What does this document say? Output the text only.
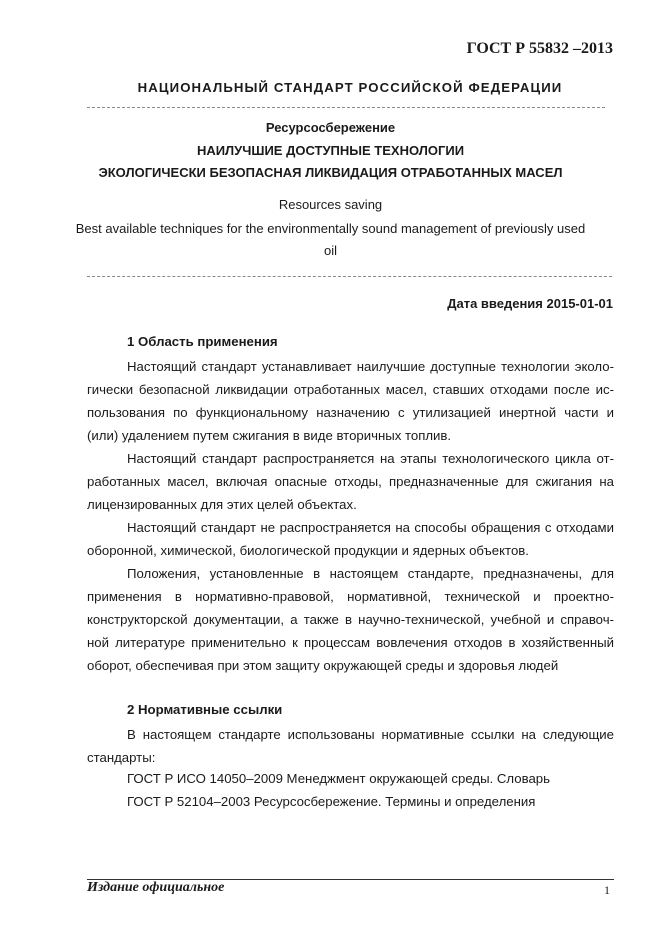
ГОСТ Р 55832 –2013
НАЦИОНАЛЬНЫЙ СТАНДАРТ РОССИЙСКОЙ ФЕДЕРАЦИИ
Ресурсосбережение
НАИЛУЧШИЕ ДОСТУПНЫЕ ТЕХНОЛОГИИ
ЭКОЛОГИЧЕСКИ БЕЗОПАСНАЯ ЛИКВИДАЦИЯ ОТРАБОТАННЫХ МАСЕЛ
Resources saving
Best available techniques for the environmentally sound management of previously used
oil
Дата введения 2015-01-01
1 Область применения
Настоящий стандарт устанавливает наилучшие доступные технологии эколо-
гически безопасной ликвидации отработанных масел, ставших отходами после ис-
пользования по функциональному назначению с утилизацией инертной части и
(или) удалением путем сжигания в виде вторичных топлив.
Настоящий стандарт распространяется на этапы технологического цикла от-
работанных масел, включая опасные отходы, предназначенные для сжигания на
лицензированных для этих целей объектах.
Настоящий стандарт не распространяется на способы обращения с отходами
оборонной, химической, биологической продукции и ядерных объектов.
Положения, установленные в настоящем стандарте, предназначены, для
применения в нормативно-правовой, нормативной, технической и проектно-
конструкторской документации, а также в научно-технической, учебной и справоч-
ной литературе применительно к процессам вовлечения отходов в хозяйственный
оборот, обеспечивая при этом защиту окружающей среды и здоровья людей
2 Нормативные ссылки
В настоящем стандарте использованы нормативные ссылки на следующие
стандарты:
ГОСТ Р ИСО 14050–2009 Менеджмент окружающей среды. Словарь
ГОСТ Р 52104–2003 Ресурсосбережение. Термины и определения
Издание официальное	1
